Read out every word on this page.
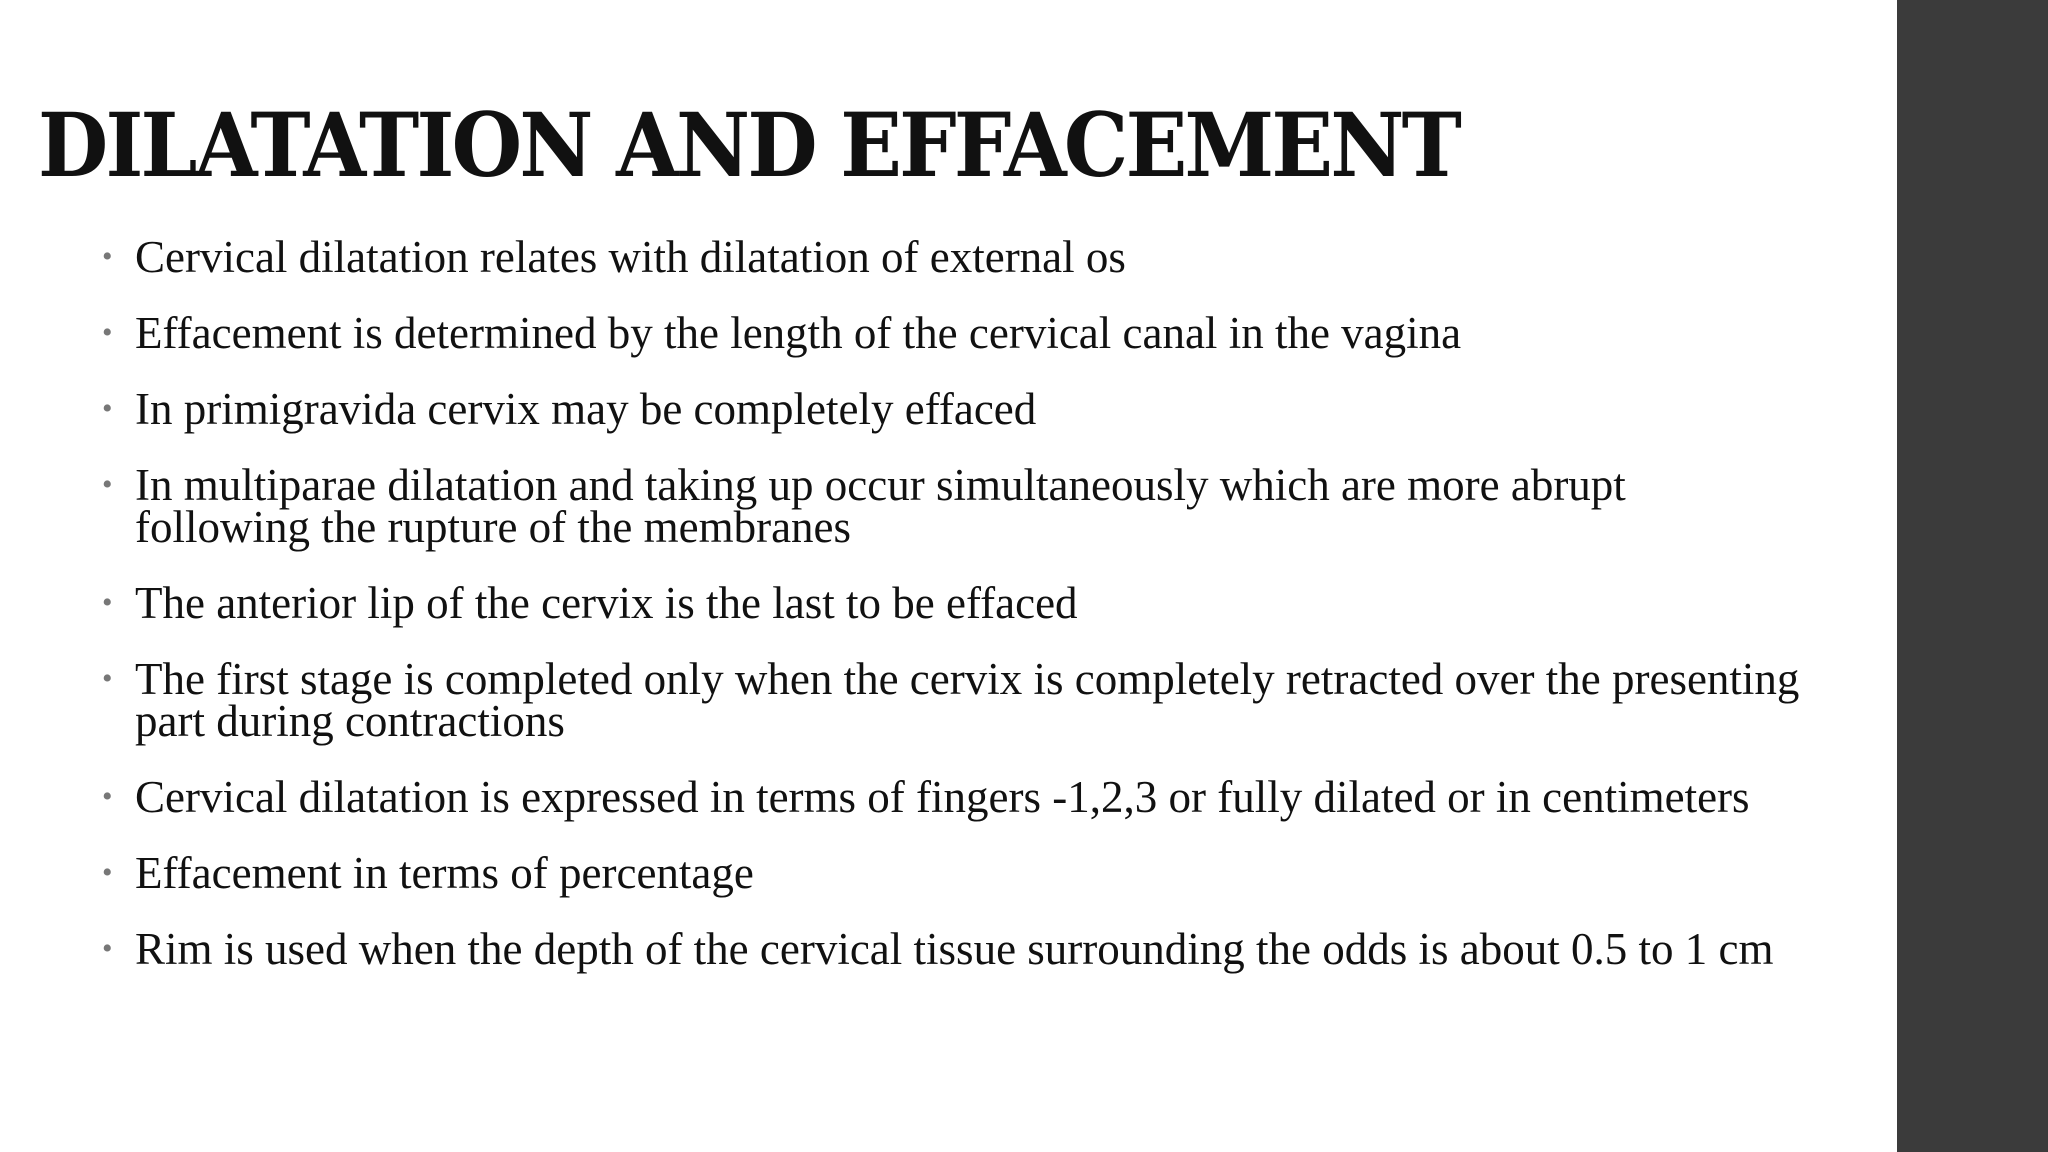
DILATATION AND EFFACEMENT
• Cervical dilatation relates with dilatation of external os
• Effacement is determined by the length of the cervical canal in the vagina
• In primigravida cervix may be completely effaced
• In multiparae dilatation and taking up occur simultaneously which are more abrupt following the rupture of the membranes
• The anterior lip of the cervix is the last to be effaced
• The first stage is completed only when the cervix is completely retracted over the presenting part during contractions
• Cervical dilatation is expressed in terms of fingers -1,2,3 or fully dilated or in centimeters
• Effacement in terms of percentage
• Rim is used when the depth of the cervical tissue surrounding the odds is about 0.5 to 1 cm
